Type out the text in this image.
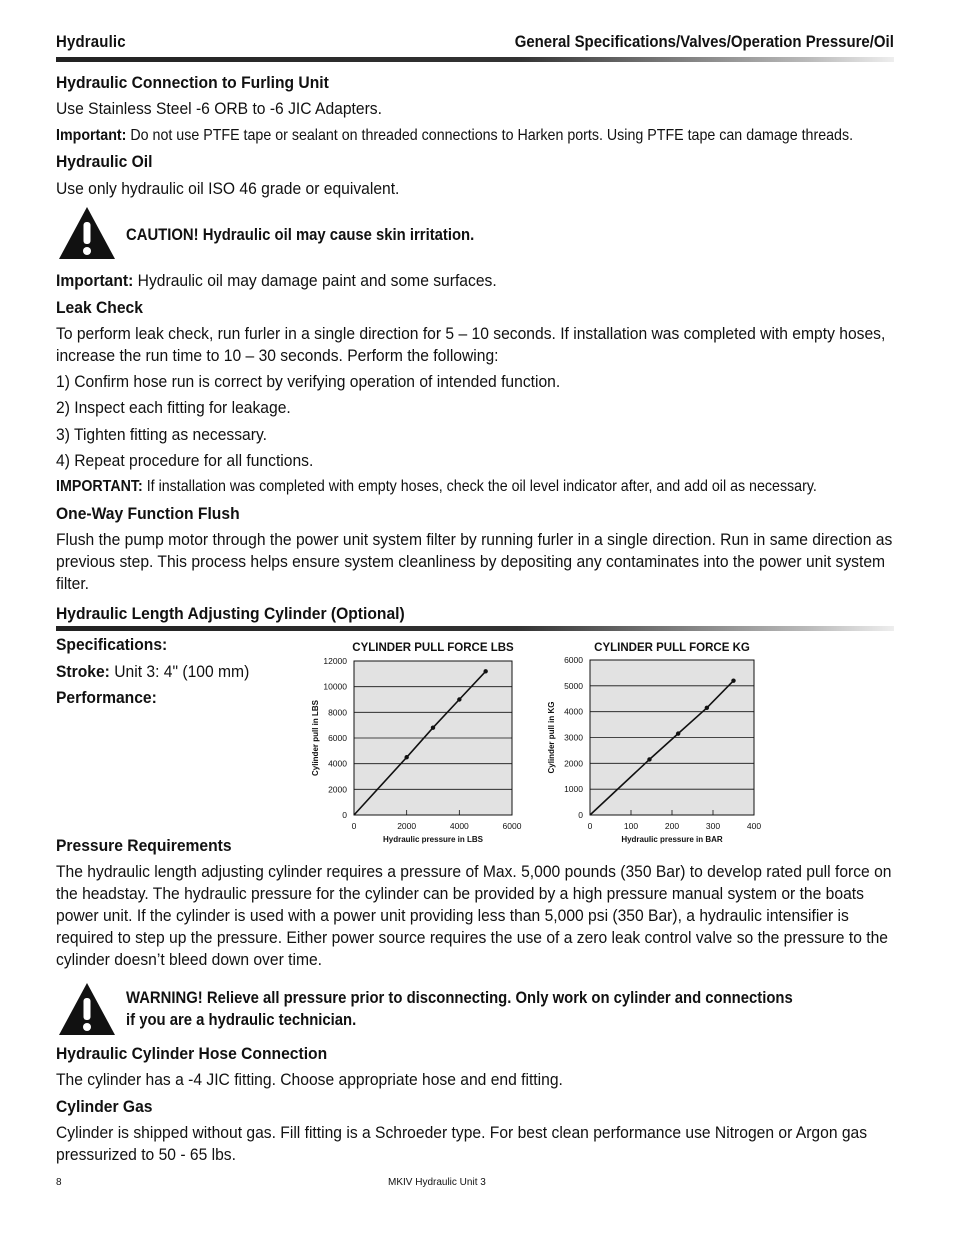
Hydraulic	General Specifications/Valves/Operation Pressure/Oil
Hydraulic Connection to Furling Unit
Use Stainless Steel -6 ORB to -6 JIC Adapters.
Important: Do not use PTFE tape or sealant on threaded connections to Harken ports. Using PTFE tape can damage threads.
Hydraulic Oil
Use only hydraulic oil ISO 46 grade or equivalent.
CAUTION! Hydraulic oil may cause skin irritation.
Important: Hydraulic oil may damage paint and some surfaces.
Leak Check
To perform leak check, run furler in a single direction for 5 – 10 seconds. If installation was completed with empty hoses, increase the run time to 10 – 30 seconds. Perform the following:
1) Confirm hose run is correct by verifying operation of intended function.
2) Inspect each fitting for leakage.
3) Tighten fitting as necessary.
4) Repeat procedure for all functions.
IMPORTANT: If installation was completed with empty hoses, check the oil level indicator after, and add oil as necessary.
One-Way Function Flush
Flush the pump motor through the power unit system filter by running furler in a single direction. Run in same direction as previous step. This process helps ensure system cleanliness by depositing any contaminates into the power unit system filter.
Hydraulic Length Adjusting Cylinder (Optional)
Specifications:
Stroke: Unit 3: 4" (100 mm)
Performance:
0
2000
4000
6000
8000
10000
12000
0	2000	4000	6000
CYLINDER PULL FORCE LBS
Hydraulic pressure in LBS
Cylinder pull in LBS
0
1000
2000
3000
4000
5000
6000
0	100	200	300	400
CYLINDER PULL FORCE KG
Hydraulic pressure in BAR
Cylinder pull in KG
Pressure Requirements
The hydraulic length adjusting cylinder requires a pressure of Max. 5,000 pounds (350 Bar) to develop rated pull force on the headstay. The hydraulic pressure for the cylinder can be provided by a high pressure manual system or the boats power unit. If the cylinder is used with a power unit providing less than 5,000 psi (350 Bar), a hydraulic intensifier is required to step up the pressure. Either power source requires the use of a zero leak control valve so the pressure to the cylinder doesn’t bleed down over time.
WARNING! Relieve all pressure prior to disconnecting. Only work on cylinder and connections
if you are a hydraulic technician.
Hydraulic Cylinder Hose Connection
The cylinder has a -4 JIC fitting. Choose appropriate hose and end fitting.
Cylinder Gas
Cylinder is shipped without gas. Fill fitting is a Schroeder type. For best clean performance use Nitrogen or Argon gas pressurized to 50 - 65 lbs.
8	MKIV Hydraulic Unit 3
